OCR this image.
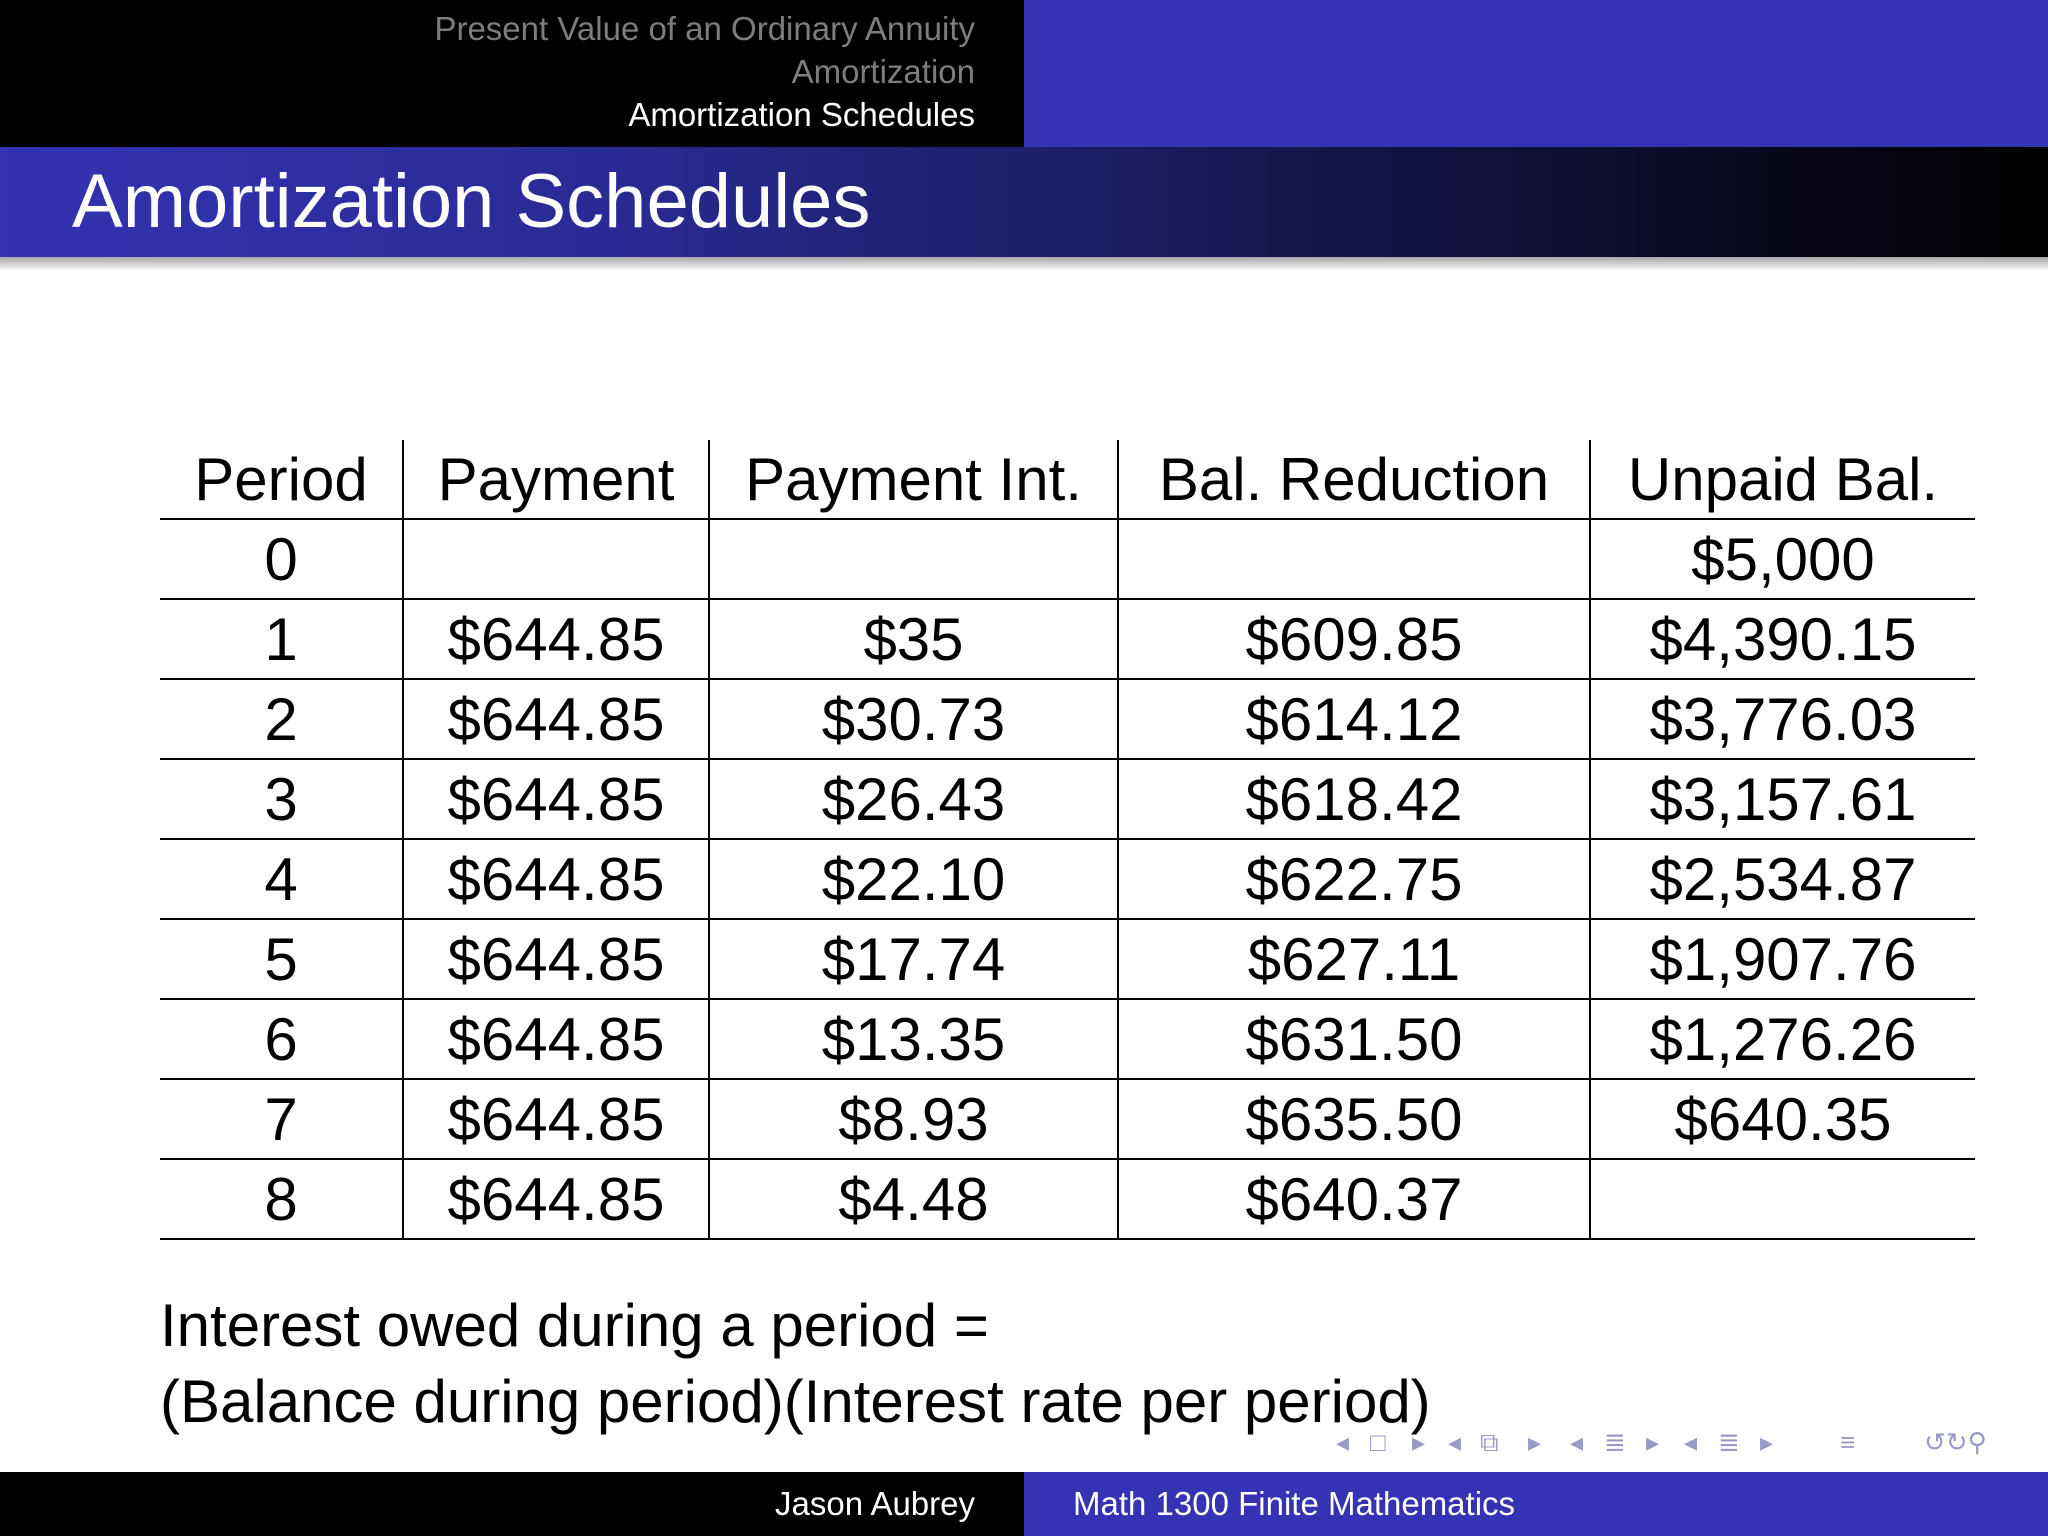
Present Value of an Ordinary Annuity
Amortization
Amortization Schedules
Amortization Schedules
Period	Payment	Payment Int.	Bal. Reduction	Unpaid Bal.
0				$5,000
1	$644.85	$35	$609.85	$4,390.15
2	$644.85	$30.73	$614.12	$3,776.03
3	$644.85	$26.43	$618.42	$3,157.61
4	$644.85	$22.10	$622.75	$2,534.87
5	$644.85	$17.74	$627.11	$1,907.76
6	$644.85	$13.35	$631.50	$1,276.26
7	$644.85	$8.93	$635.50	$640.35
8	$644.85	$4.48	$640.37	
Interest owed during a period =
(Balance during period)(Interest rate per period)
◂ □ ▸ ◂ ⧉ ▸ ◂ ≣ ▸ ◂ ≣ ▸	≡	↺↻⚲
Jason Aubrey	Math 1300 Finite Mathematics
